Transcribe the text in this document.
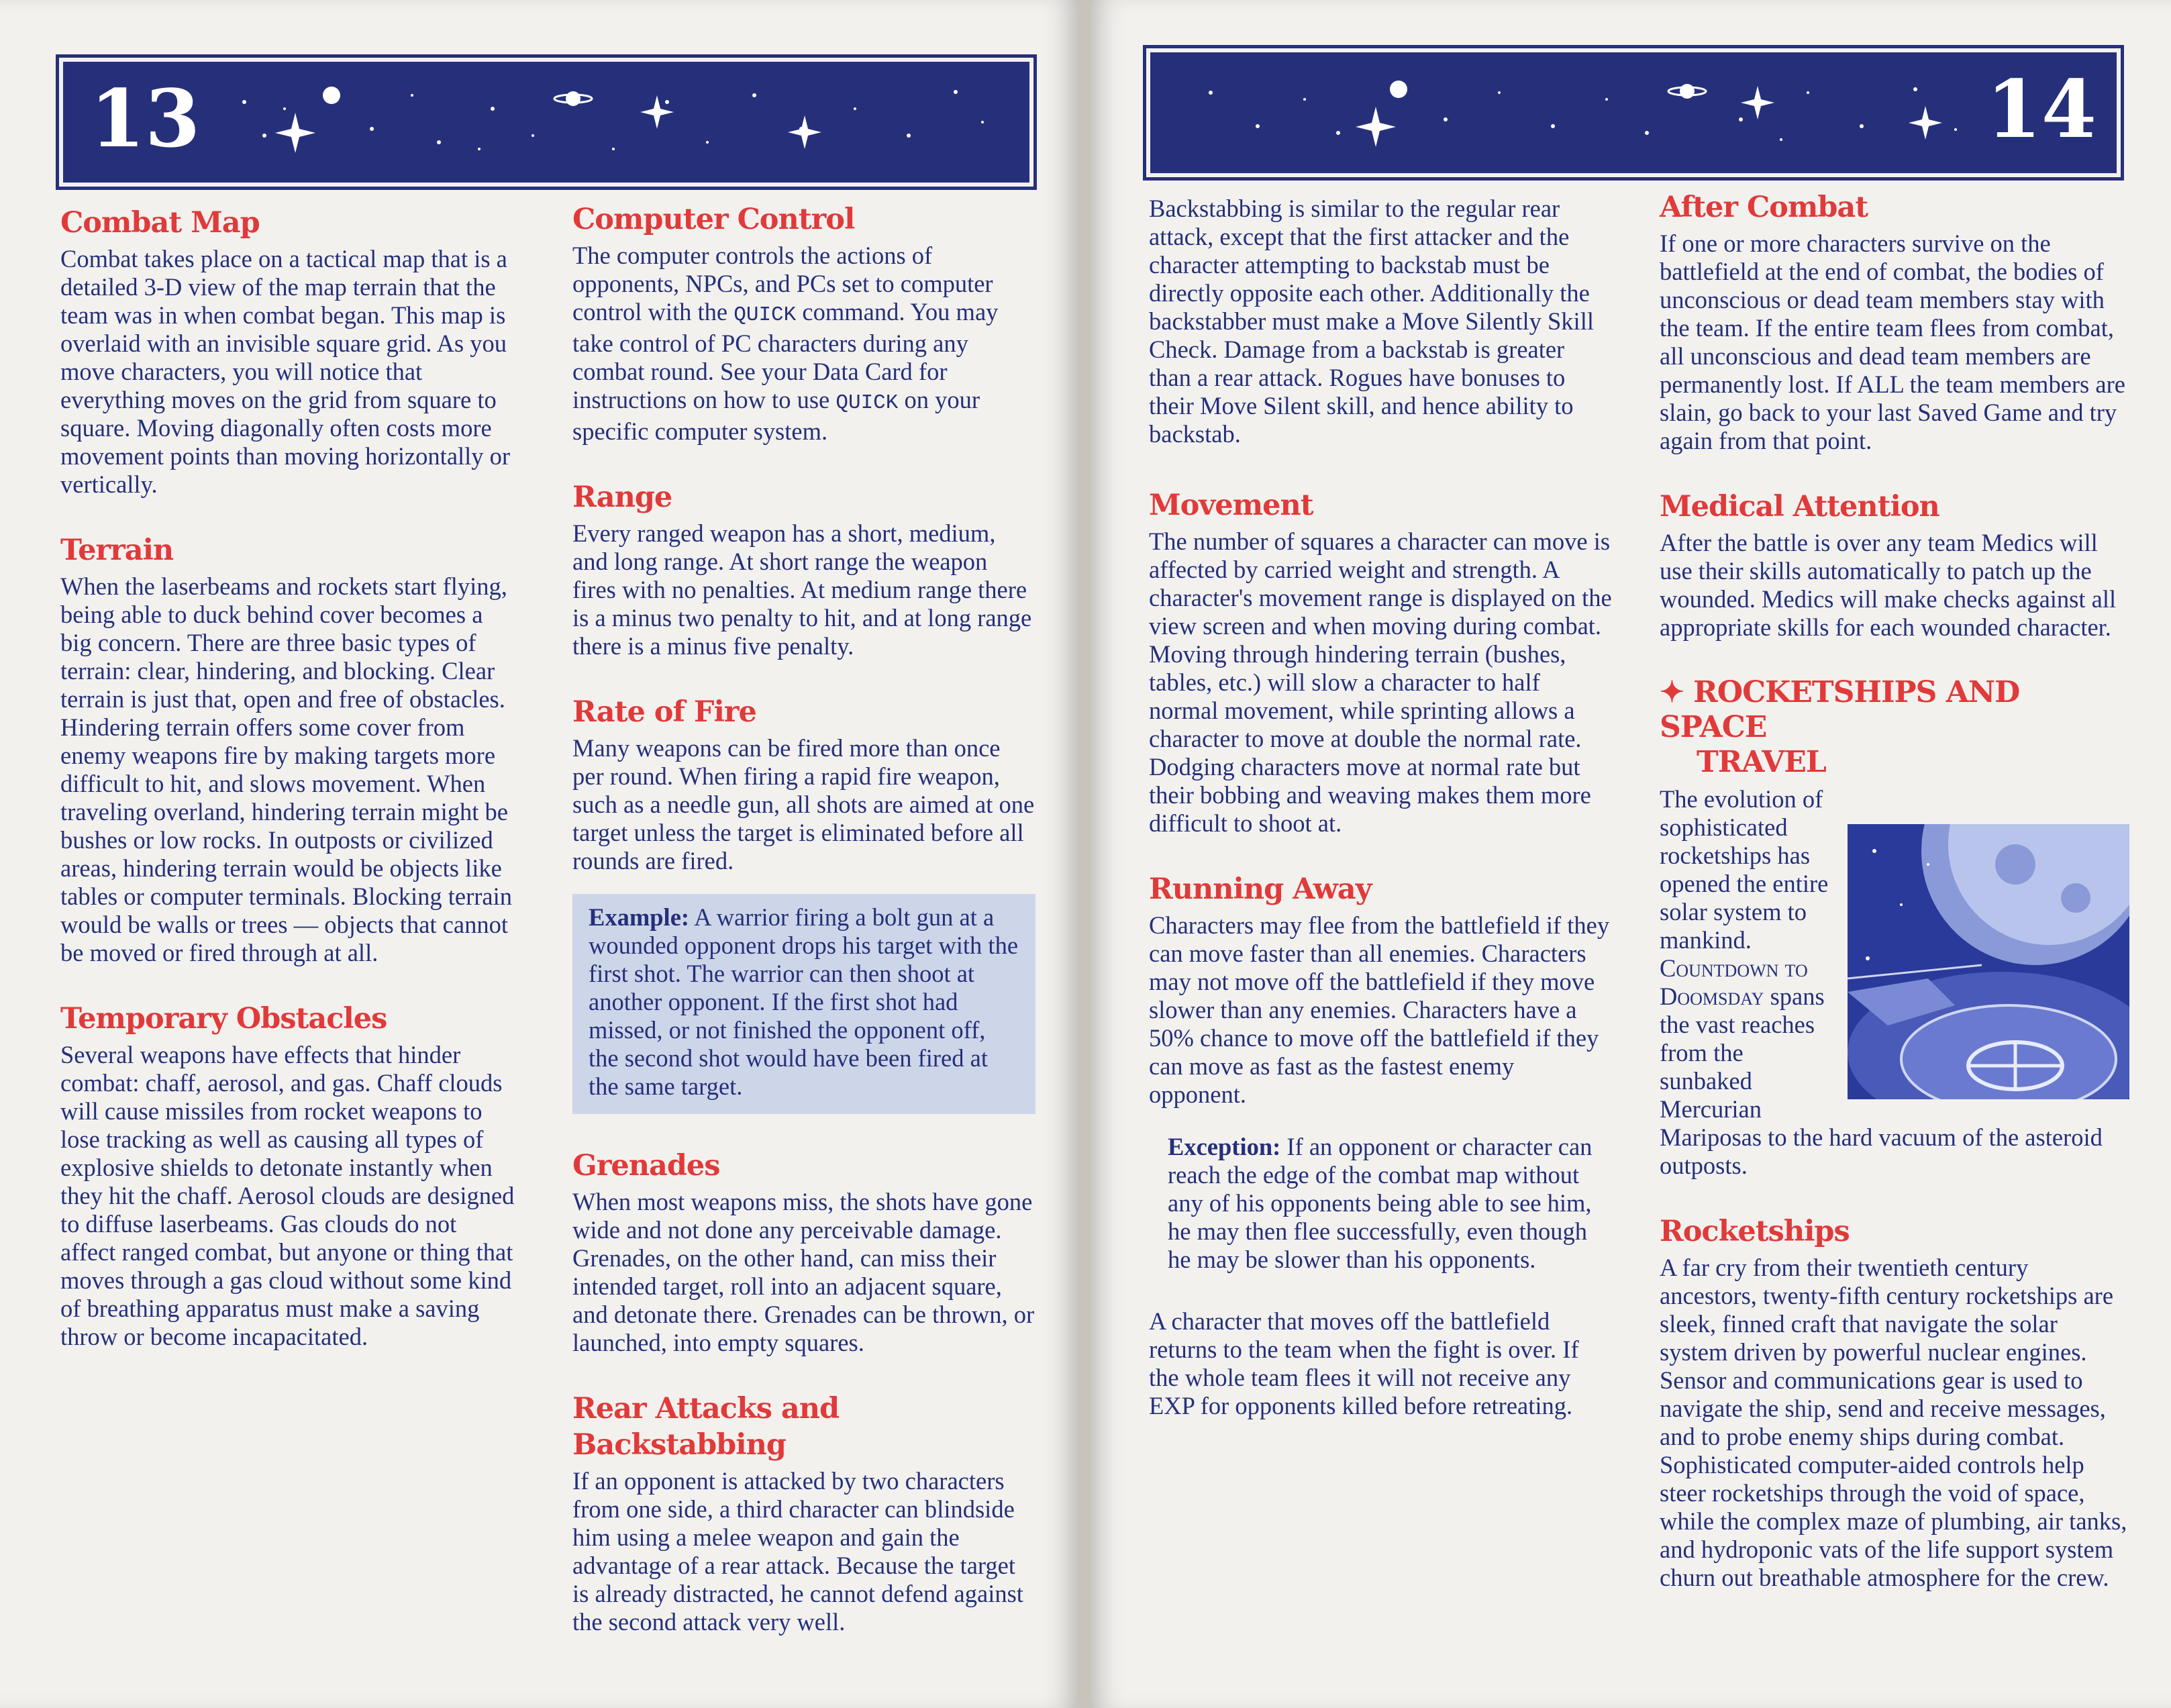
13
Combat Map

Combat takes place on a tactical map that is a detailed 3-D view of the map terrain that the team was in when combat began. This map is overlaid with an invisible square grid. As you move characters, you will notice that everything moves on the grid from square to square. Moving diagonally often costs more movement points than moving horizontally or vertically.

Terrain

When the laserbeams and rockets start flying, being able to duck behind cover becomes a big concern. There are three basic types of terrain: clear, hindering, and blocking. Clear terrain is just that, open and free of obstacles. Hindering terrain offers some cover from enemy weapons fire by making targets more difficult to hit, and slows movement. When traveling overland, hindering terrain might be bushes or low rocks. In outposts or civilized areas, hindering terrain would be objects like tables or computer terminals. Blocking terrain would be walls or trees — objects that cannot be moved or fired through at all.

Temporary Obstacles

Several weapons have effects that hinder combat: chaff, aerosol, and gas. Chaff clouds will cause missiles from rocket weapons to lose tracking as well as causing all types of explosive shields to detonate instantly when they hit the chaff. Aerosol clouds are designed to diffuse laserbeams. Gas clouds do not affect ranged combat, but anyone or thing that moves through a gas cloud without some kind of breathing apparatus must make a saving throw or become incapacitated.

Computer Control

The computer controls the actions of opponents, NPCs, and PCs set to computer control with the QUICK command. You may take control of PC characters during any combat round. See your Data Card for instructions on how to use QUICK on your specific computer system.

Range

Every ranged weapon has a short, medium, and long range. At short range the weapon fires with no penalties. At medium range there is a minus two penalty to hit, and at long range there is a minus five penalty.

Rate of Fire

Many weapons can be fired more than once per round. When firing a rapid fire weapon, such as a needle gun, all shots are aimed at one target unless the target is eliminated before all rounds are fired.

Example: A warrior firing a bolt gun at a wounded opponent drops his target with the first shot. The warrior can then shoot at another opponent. If the first shot had missed, or not finished the opponent off, the second shot would have been fired at the same target.

Grenades

When most weapons miss, the shots have gone wide and not done any perceivable damage. Grenades, on the other hand, can miss their intended target, roll into an adjacent square, and detonate there. Grenades can be thrown, or launched, into empty squares.

Rear Attacks and Backstabbing

If an opponent is attacked by two characters from one side, a third character can blindside him using a melee weapon and gain the advantage of a rear attack. Because the target is already distracted, he cannot defend against the second attack very well.

14

Backstabbing is similar to the regular rear attack, except that the first attacker and the character attempting to backstab must be directly opposite each other. Additionally the backstabber must make a Move Silently Skill Check. Damage from a backstab is greater than a rear attack. Rogues have bonuses to their Move Silent skill, and hence ability to backstab.

Movement

The number of squares a character can move is affected by carried weight and strength. A character's movement range is displayed on the view screen and when moving during combat. Moving through hindering terrain (bushes, tables, etc.) will slow a character to half normal movement, while sprinting allows a character to move at double the normal rate. Dodging characters move at normal rate but their bobbing and weaving makes them more difficult to shoot at.

Running Away

Characters may flee from the battlefield if they can move faster than all enemies. Characters may not move off the battlefield if they move slower than any enemies. Characters have a 50% chance to move off the battlefield if they can move as fast as the fastest enemy opponent.

Exception: If an opponent or character can reach the edge of the combat map without any of his opponents being able to see him, he may then flee successfully, even though he may be slower than his opponents.

A character that moves off the battlefield returns to the team when the fight is over. If the whole team flees it will not receive any EXP for opponents killed before retreating.

After Combat

If one or more characters survive on the battlefield at the end of combat, the bodies of unconscious or dead team members stay with the team. If the entire team flees from combat, all unconscious and dead team members are permanently lost. If ALL the team members are slain, go back to your last Saved Game and try again from that point.

Medical Attention

After the battle is over any team Medics will use their skills automatically to patch up the wounded. Medics will make checks against all appropriate skills for each wounded character.

✦ ROCKETSHIPS AND SPACE
TRAVEL

The evolution of sophisticated rocketships has opened the entire solar system to mankind. Countdown to Doomsday spans the vast reaches from the sunbaked Mercurian Mariposas to the hard vacuum of the asteroid outposts.

Rocketships

A far cry from their twentieth century ancestors, twenty-fifth century rocketships are sleek, finned craft that navigate the solar system driven by powerful nuclear engines. Sensor and communications gear is used to navigate the ship, send and receive messages, and to probe enemy ships during combat. Sophisticated computer-aided controls help steer rocketships through the void of space, while the complex maze of plumbing, air tanks, and hydroponic vats of the life support system churn out breathable atmosphere for the crew.
